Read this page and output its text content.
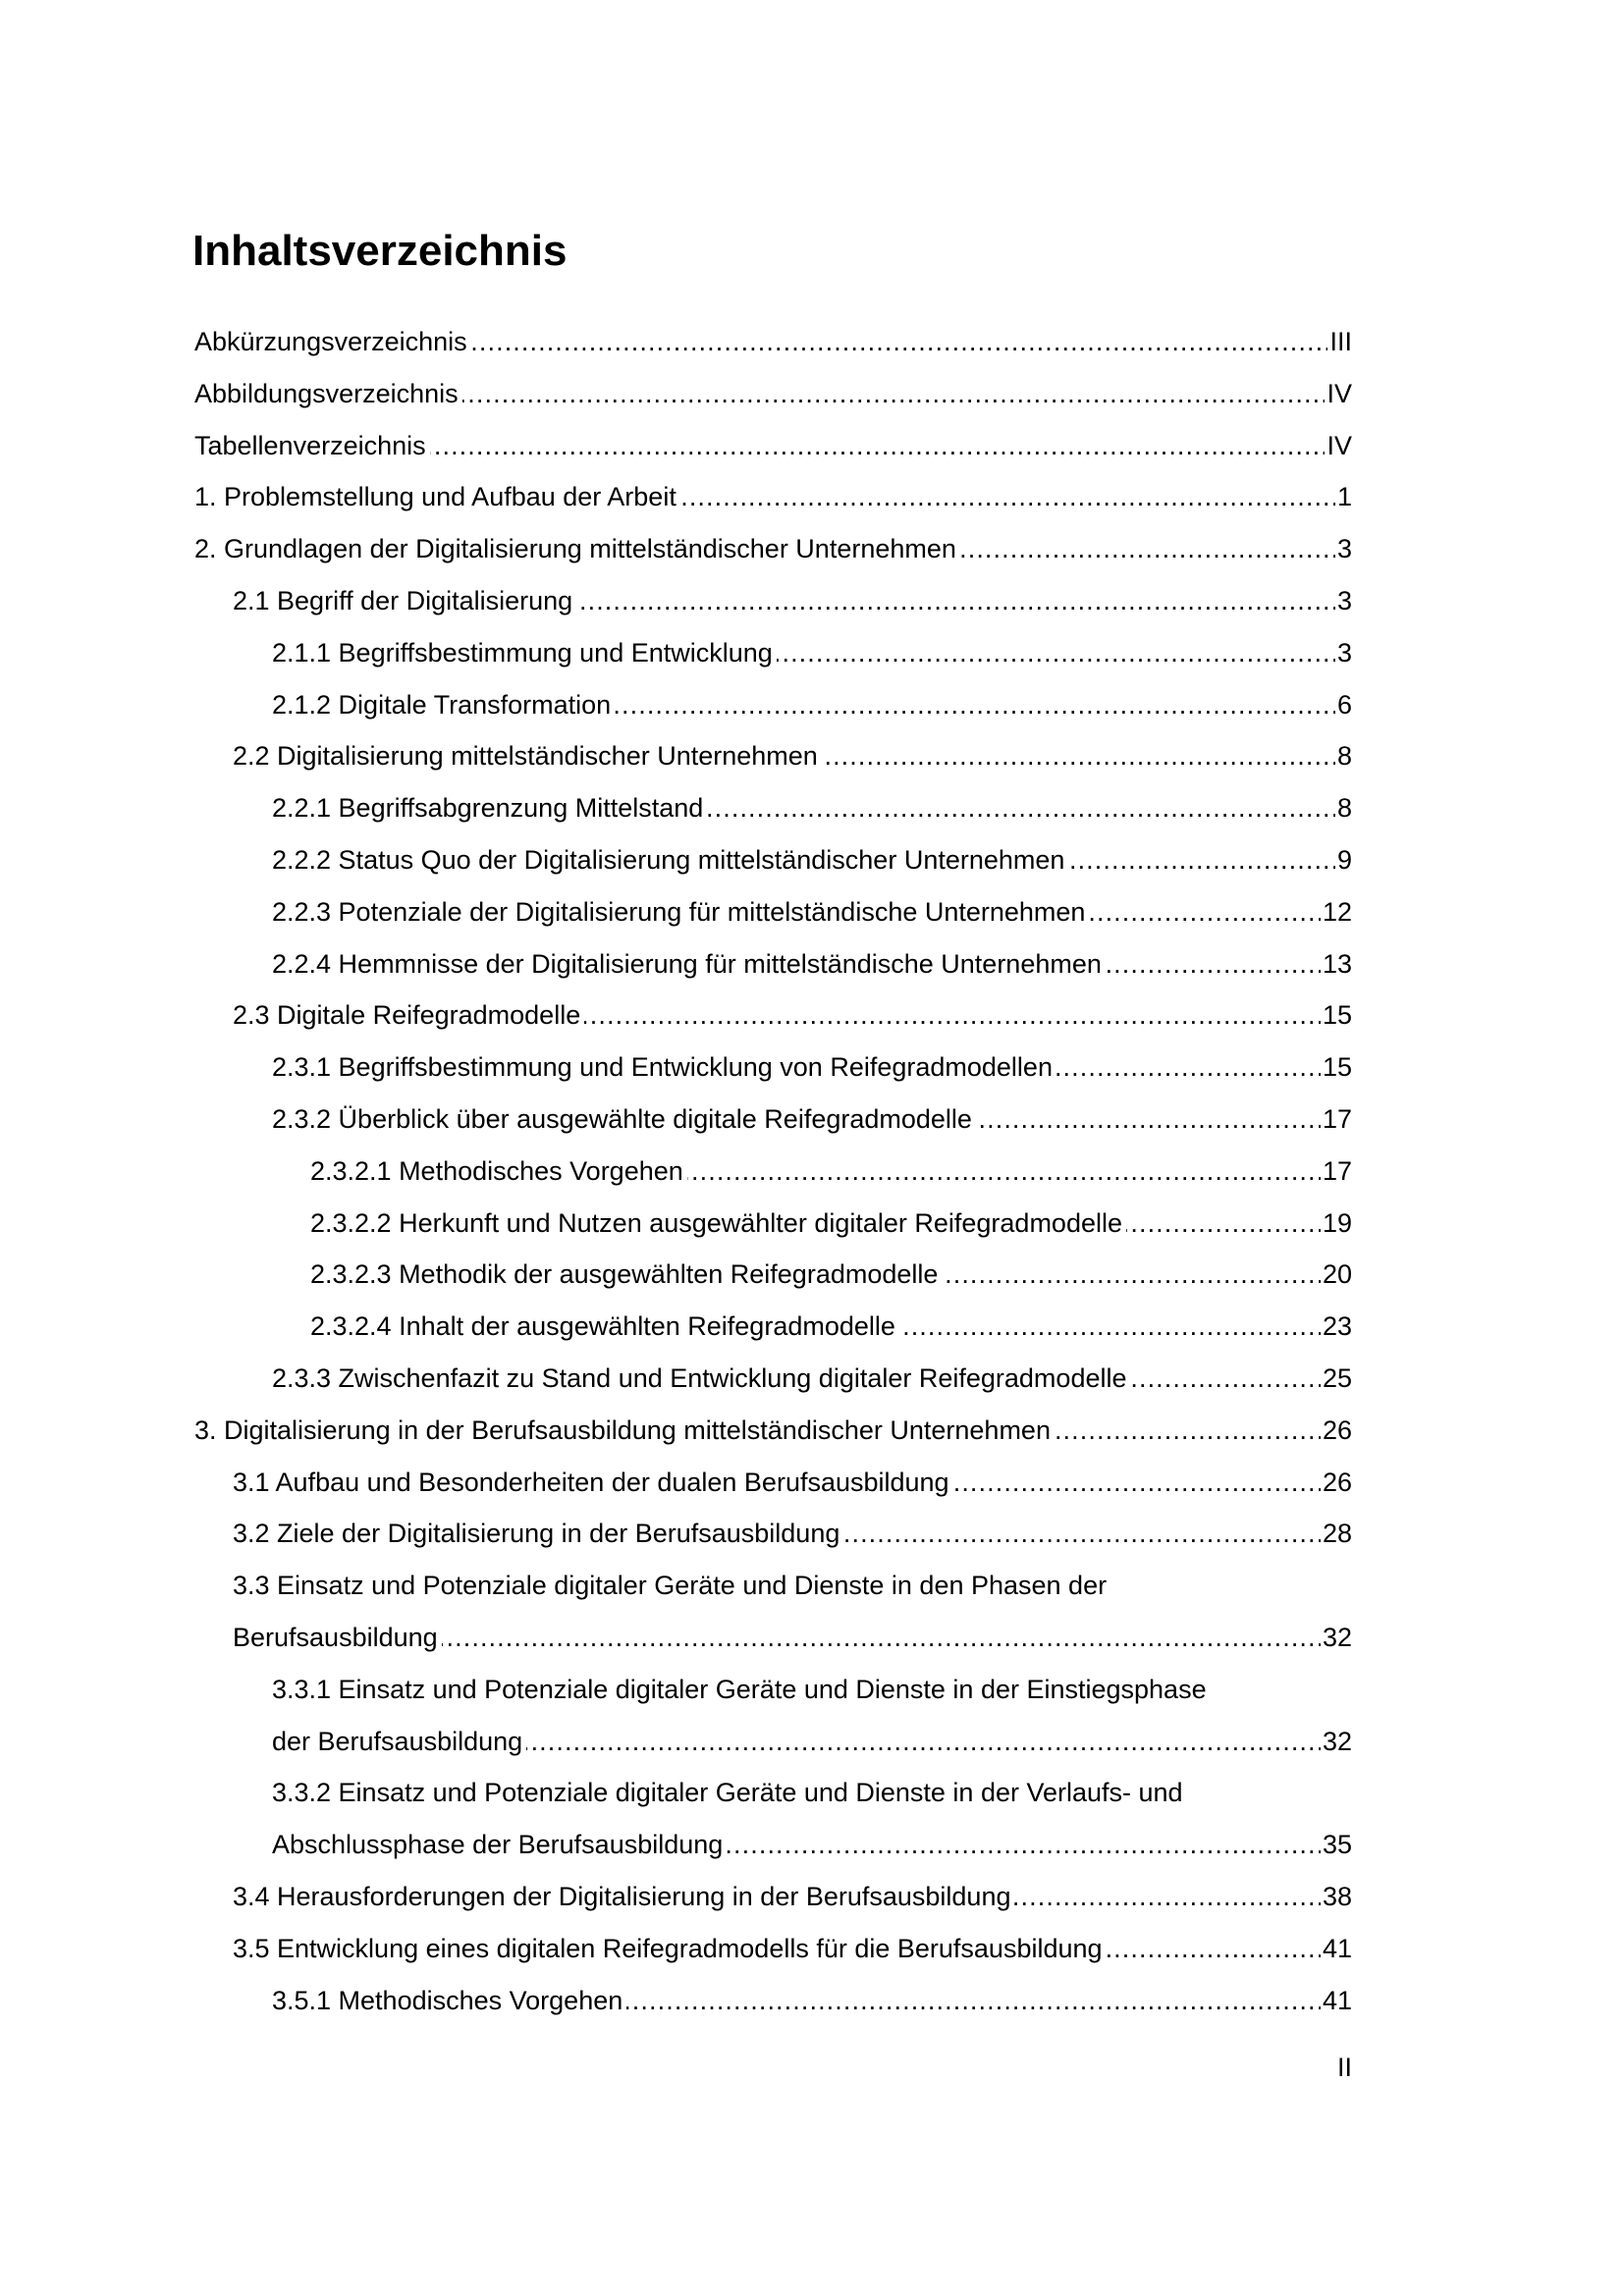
Inhaltsverzeichnis
Abkürzungsverzeichnis . . .	III
Abbildungsverzeichnis . . .	IV
Tabellenverzeichnis . . .	IV
1. Problemstellung und Aufbau der Arbeit . . .	1
2. Grundlagen der Digitalisierung mittelständischer Unternehmen . . .	3
2.1 Begriff der Digitalisierung . . .	3
2.1.1 Begriffsbestimmung und Entwicklung . . .	3
2.1.2 Digitale Transformation . . .	6
2.2 Digitalisierung mittelständischer Unternehmen . . .	8
2.2.1 Begriffsabgrenzung Mittelstand . . .	8
2.2.2 Status Quo der Digitalisierung mittelständischer Unternehmen . . .	9
2.2.3 Potenziale der Digitalisierung für mittelständische Unternehmen . . .	12
2.2.4 Hemmnisse der Digitalisierung für mittelständische Unternehmen . . .	13
2.3 Digitale Reifegradmodelle . . .	15
2.3.1 Begriffsbestimmung und Entwicklung von Reifegradmodellen . . .	15
2.3.2 Überblick über ausgewählte digitale Reifegradmodelle . . .	17
2.3.2.1 Methodisches Vorgehen . . .	17
2.3.2.2 Herkunft und Nutzen ausgewählter digitaler Reifegradmodelle . . .	19
2.3.2.3 Methodik der ausgewählten Reifegradmodelle . . .	20
2.3.2.4 Inhalt der ausgewählten Reifegradmodelle . . .	23
2.3.3 Zwischenfazit zu Stand und Entwicklung digitaler Reifegradmodelle . . .	25
3. Digitalisierung in der Berufsausbildung mittelständischer Unternehmen . . .	26
3.1 Aufbau und Besonderheiten der dualen Berufsausbildung . . .	26
3.2 Ziele der Digitalisierung in der Berufsausbildung . . .	28
3.3 Einsatz und Potenziale digitaler Geräte und Dienste in den Phasen der
Berufsausbildung . . .	32
3.3.1 Einsatz und Potenziale digitaler Geräte und Dienste in der Einstiegsphase
der Berufsausbildung . . .	32
3.3.2 Einsatz und Potenziale digitaler Geräte und Dienste in der Verlaufs- und
Abschlussphase der Berufsausbildung . . .	35
3.4 Herausforderungen der Digitalisierung in der Berufsausbildung . . .	38
3.5 Entwicklung eines digitalen Reifegradmodells für die Berufsausbildung . . .	41
3.5.1 Methodisches Vorgehen . . .	41
II
